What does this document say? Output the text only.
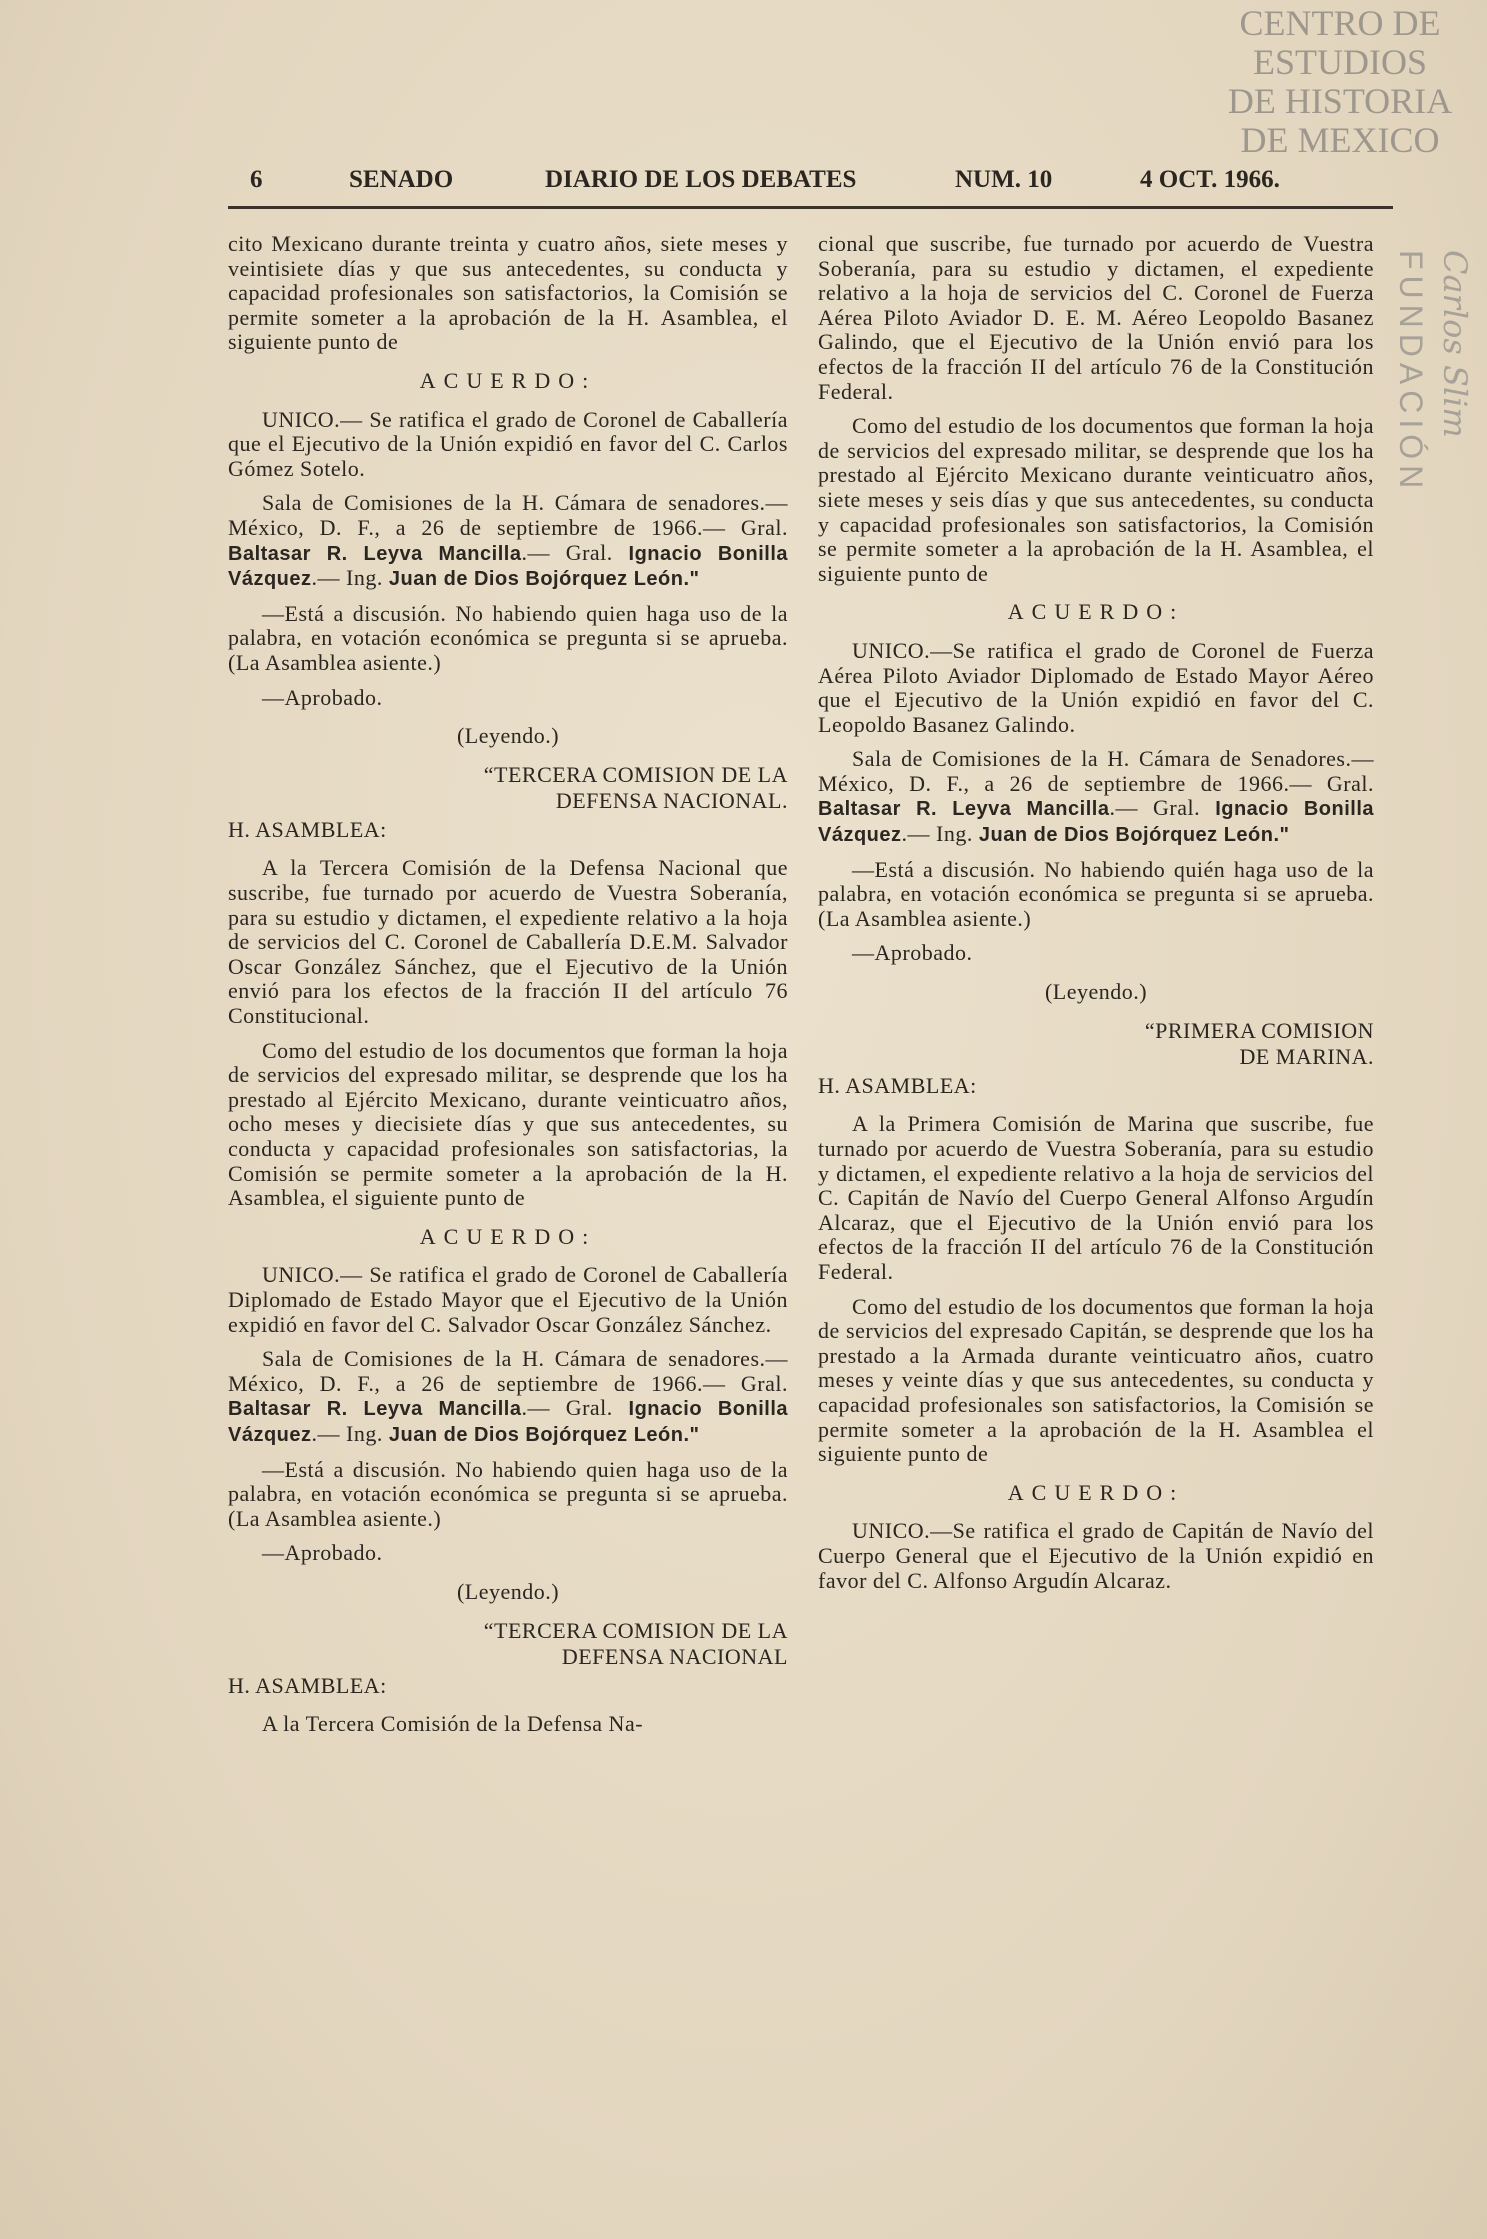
CENTRO DE
ESTUDIOS
DE HISTORIA
DE MEXICO
FUNDACIÓN Carlos Slim
6	SENADO	DIARIO DE LOS DEBATES	NUM. 10	4 OCT. 1966.

cito Mexicano durante treinta y cuatro años, siete meses y veintisiete días y que sus antecedentes, su conducta y capacidad profesionales son satisfactorios, la Comisión se permite someter a la aprobación de la H. Asamblea, el siguiente punto de

ACUERDO:

UNICO.— Se ratifica el grado de Coronel de Caballería que el Ejecutivo de la Unión expidió en favor del C. Carlos Gómez Sotelo.

Sala de Comisiones de la H. Cámara de senadores.— México, D. F., a 26 de septiembre de 1966.— Gral. Baltasar R. Leyva Mancilla.— Gral. Ignacio Bonilla Vázquez.— Ing. Juan de Dios Bojórquez León."

—Está a discusión. No habiendo quien haga uso de la palabra, en votación económica se pregunta si se aprueba. (La Asamblea asiente.)

—Aprobado.

(Leyendo.)

“TERCERA COMISION DE LA

DEFENSA NACIONAL.

H. ASAMBLEA:

A la Tercera Comisión de la Defensa Nacional que suscribe, fue turnado por acuerdo de Vuestra Soberanía, para su estudio y dictamen, el expediente relativo a la hoja de servicios del C. Coronel de Caballería D.E.M. Salvador Oscar González Sánchez, que el Ejecutivo de la Unión envió para los efectos de la fracción II del artículo 76 Constitucional.

Como del estudio de los documentos que forman la hoja de servicios del expresado militar, se desprende que los ha prestado al Ejército Mexicano, durante veinticuatro años, ocho meses y diecisiete días y que sus antecedentes, su conducta y capacidad profesionales son satisfactorias, la Comisión se permite someter a la aprobación de la H. Asamblea, el siguiente punto de

ACUERDO:

UNICO.— Se ratifica el grado de Coronel de Caballería Diplomado de Estado Mayor que el Ejecutivo de la Unión expidió en favor del C. Salvador Oscar González Sánchez.

Sala de Comisiones de la H. Cámara de senadores.— México, D. F., a 26 de septiembre de 1966.— Gral. Baltasar R. Leyva Mancilla.— Gral. Ignacio Bonilla Vázquez.— Ing. Juan de Dios Bojórquez León."

—Está a discusión. No habiendo quien haga uso de la palabra, en votación económica se pregunta si se aprueba. (La Asamblea asiente.)

—Aprobado.

(Leyendo.)

“TERCERA COMISION DE LA

DEFENSA NACIONAL

H. ASAMBLEA:

A la Tercera Comisión de la Defensa Na-

cional que suscribe, fue turnado por acuerdo de Vuestra Soberanía, para su estudio y dictamen, el expediente relativo a la hoja de servicios del C. Coronel de Fuerza Aérea Piloto Aviador D. E. M. Aéreo Leopoldo Basanez Galindo, que el Ejecutivo de la Unión envió para los efectos de la fracción II del artículo 76 de la Constitución Federal.

Como del estudio de los documentos que forman la hoja de servicios del expresado militar, se desprende que los ha prestado al Ejército Mexicano durante veinticuatro años, siete meses y seis días y que sus antecedentes, su conducta y capacidad profesionales son satisfactorios, la Comisión se permite someter a la aprobación de la H. Asamblea, el siguiente punto de

ACUERDO:

UNICO.—Se ratifica el grado de Coronel de Fuerza Aérea Piloto Aviador Diplomado de Estado Mayor Aéreo que el Ejecutivo de la Unión expidió en favor del C. Leopoldo Basanez Galindo.

Sala de Comisiones de la H. Cámara de Senadores.—México, D. F., a 26 de septiembre de 1966.— Gral. Baltasar R. Leyva Mancilla.— Gral. Ignacio Bonilla Vázquez.— Ing. Juan de Dios Bojórquez León."

—Está a discusión. No habiendo quién haga uso de la palabra, en votación económica se pregunta si se aprueba. (La Asamblea asiente.)

—Aprobado.

(Leyendo.)

“PRIMERA COMISION

DE MARINA.

H. ASAMBLEA:

A la Primera Comisión de Marina que suscribe, fue turnado por acuerdo de Vuestra Soberanía, para su estudio y dictamen, el expediente relativo a la hoja de servicios del C. Capitán de Navío del Cuerpo General Alfonso Argudín Alcaraz, que el Ejecutivo de la Unión envió para los efectos de la fracción II del artículo 76 de la Constitución Federal.

Como del estudio de los documentos que forman la hoja de servicios del expresado Capitán, se desprende que los ha prestado a la Armada durante veinticuatro años, cuatro meses y veinte días y que sus antecedentes, su conducta y capacidad profesionales son satisfactorios, la Comisión se permite someter a la aprobación de la H. Asamblea el siguiente punto de

ACUERDO:

UNICO.—Se ratifica el grado de Capitán de Navío del Cuerpo General que el Ejecutivo de la Unión expidió en favor del C. Alfonso Argudín Alcaraz.
